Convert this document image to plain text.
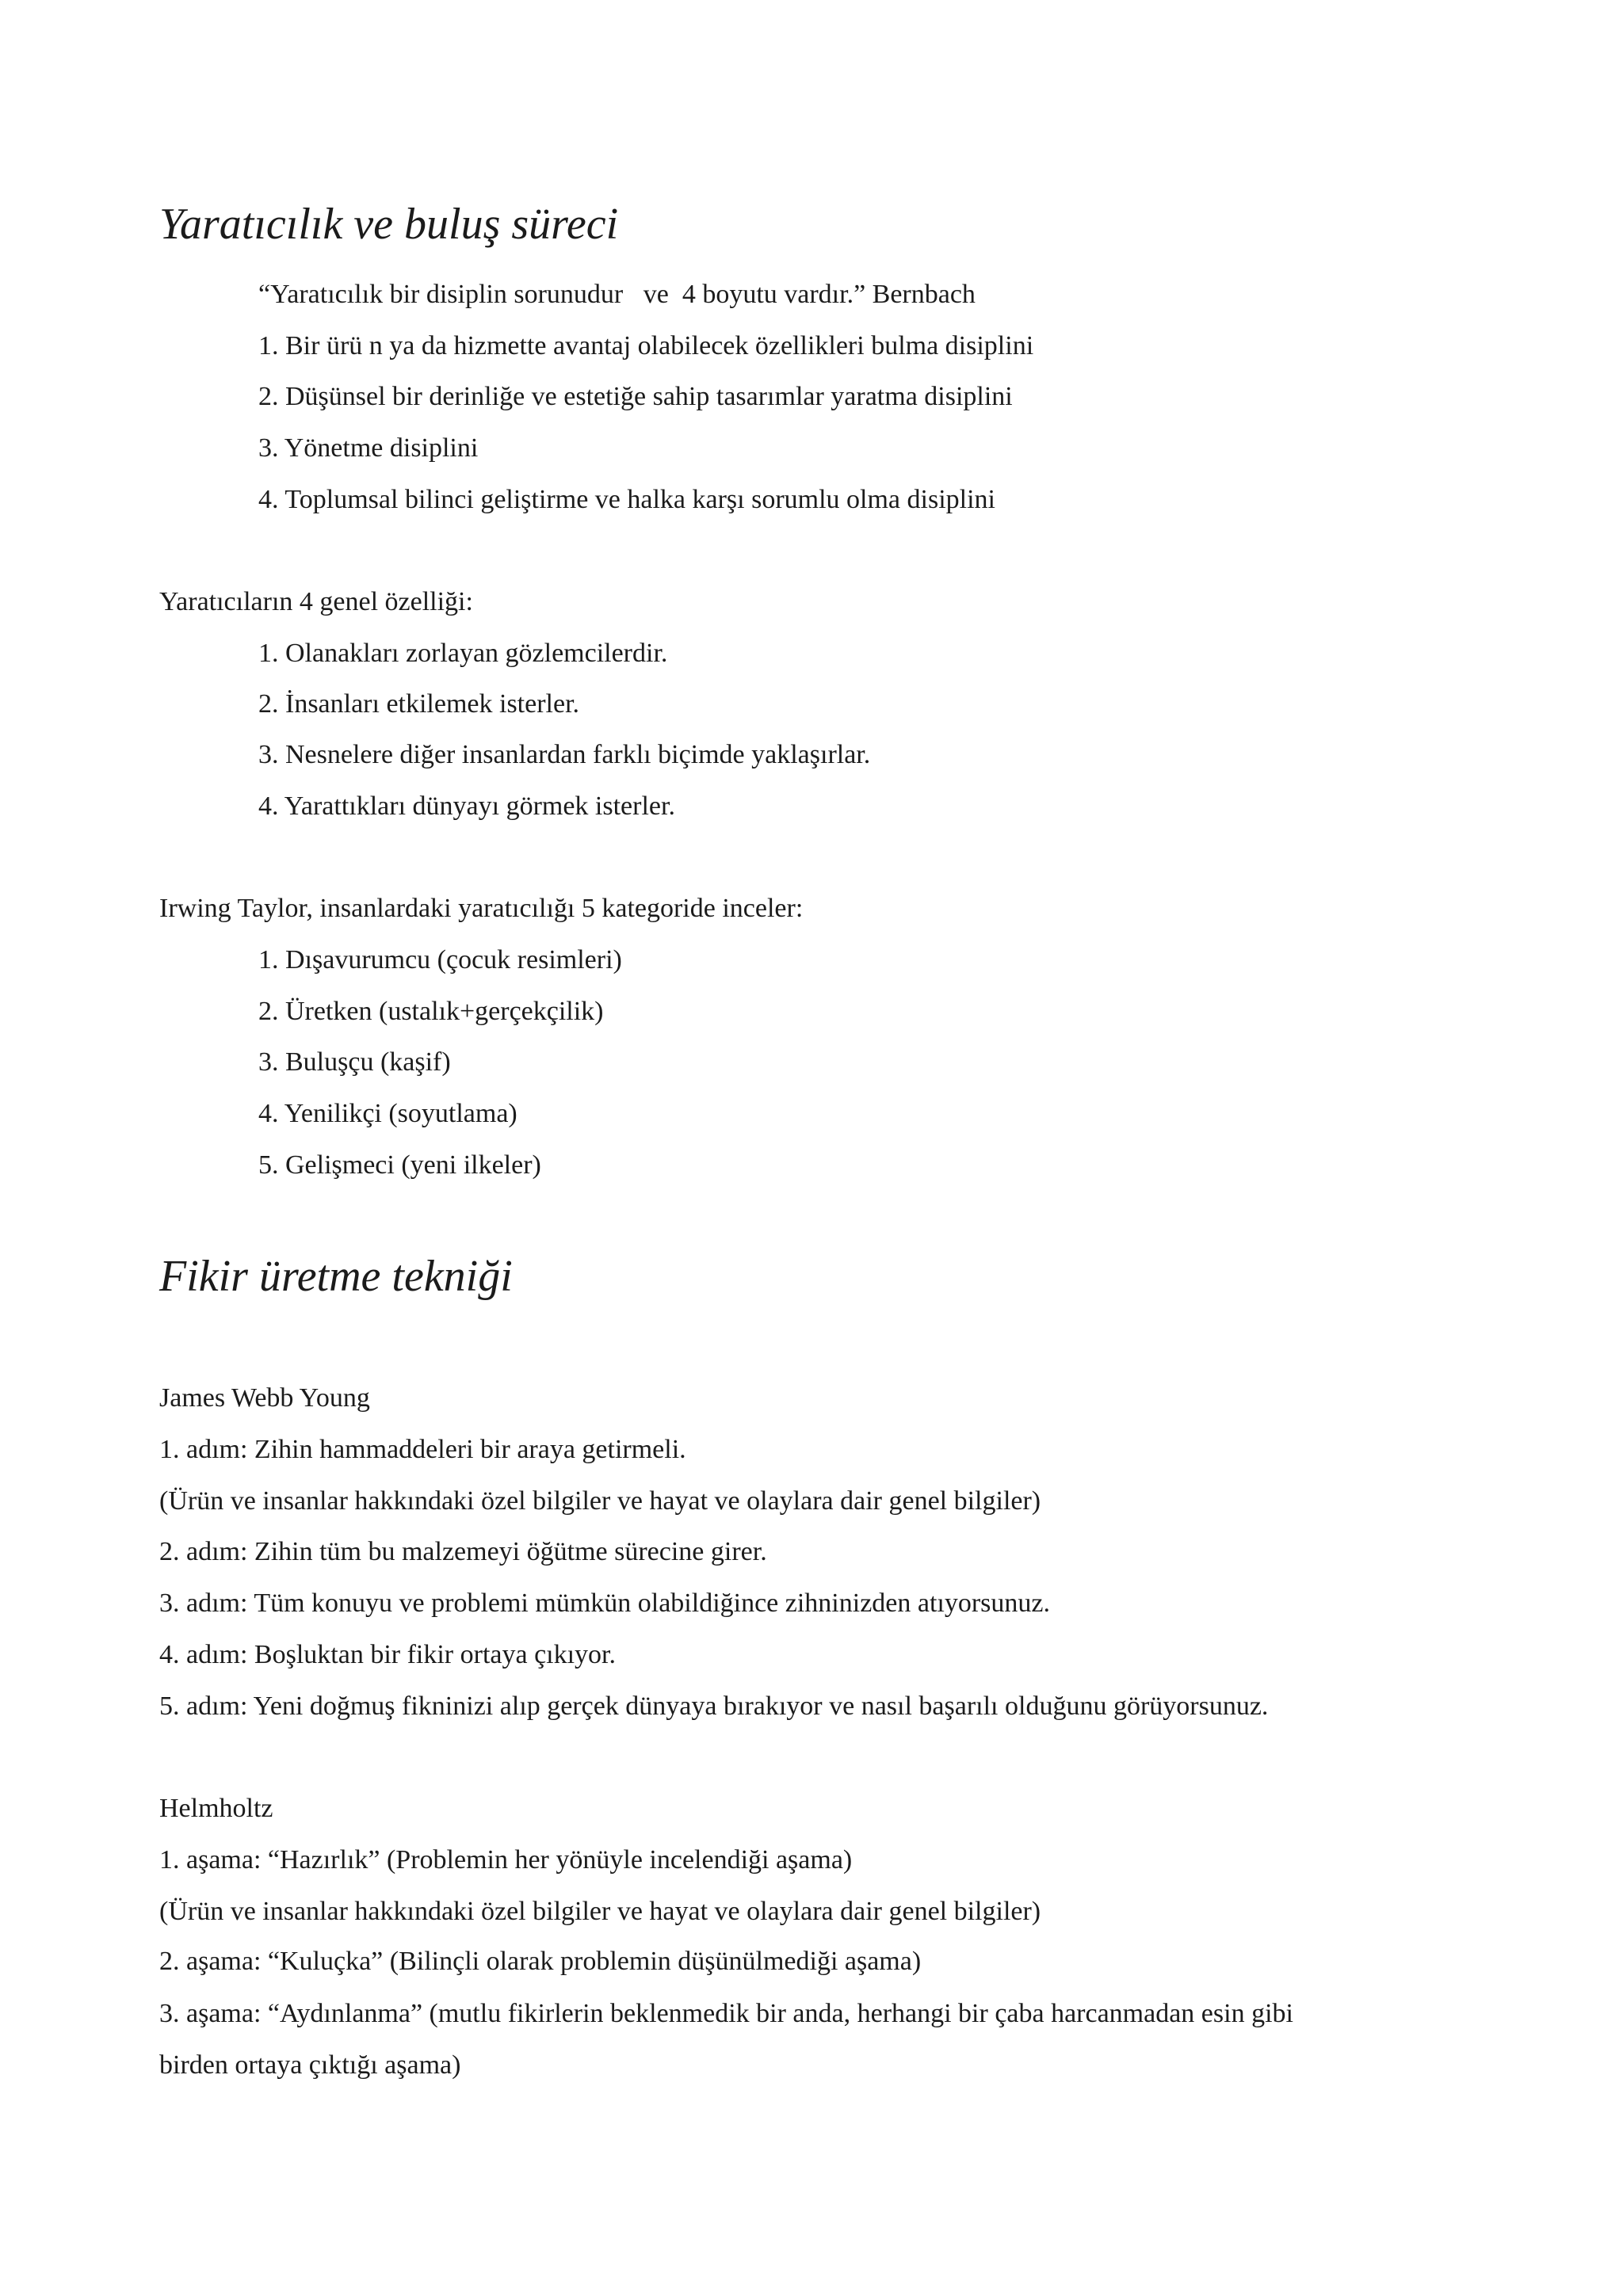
Yaratıcılık ve buluş süreci
“Yaratıcılık bir disiplin sorunudur   ve  4 boyutu vardır.” Bernbach
1. Bir ürü n ya da hizmette avantaj olabilecek özellikleri bulma disiplini
2. Düşünsel bir derinliğe ve estetiğe sahip tasarımlar yaratma disiplini
3. Yönetme disiplini
4. Toplumsal bilinci geliştirme ve halka karşı sorumlu olma disiplini
Yaratıcıların 4 genel özelliği:
1. Olanakları zorlayan gözlemcilerdir.
2. İnsanları etkilemek isterler.
3. Nesnelere diğer insanlardan farklı biçimde yaklaşırlar.
4. Yarattıkları dünyayı görmek isterler.
Irwing Taylor, insanlardaki yaratıcılığı 5 kategoride inceler:
1. Dışavurumcu (çocuk resimleri)
2. Üretken (ustalık+gerçekçilik)
3. Buluşçu (kaşif)
4. Yenilikçi (soyutlama)
5. Gelişmeci (yeni ilkeler)
Fikir üretme tekniği
James Webb Young
1. adım: Zihin hammaddeleri bir araya getirmeli.
(Ürün ve insanlar hakkındaki özel bilgiler ve hayat ve olaylara dair genel bilgiler)
2. adım: Zihin tüm bu malzemeyi öğütme sürecine girer.
3. adım: Tüm konuyu ve problemi mümkün olabildiğince zihninizden atıyorsunuz.
4. adım: Boşluktan bir fikir ortaya çıkıyor.
5. adım: Yeni doğmuş fikninizi alıp gerçek dünyaya bırakıyor ve nasıl başarılı olduğunu görüyorsunuz.
Helmholtz
1. aşama: “Hazırlık” (Problemin her yönüyle incelendiği aşama)
(Ürün ve insanlar hakkındaki özel bilgiler ve hayat ve olaylara dair genel bilgiler)
2. aşama: “Kuluçka” (Bilinçli olarak problemin düşünülmediği aşama)
3. aşama: “Aydınlanma” (mutlu fikirlerin beklenmedik bir anda, herhangi bir çaba harcanmadan esin gibi
birden ortaya çıktığı aşama)
